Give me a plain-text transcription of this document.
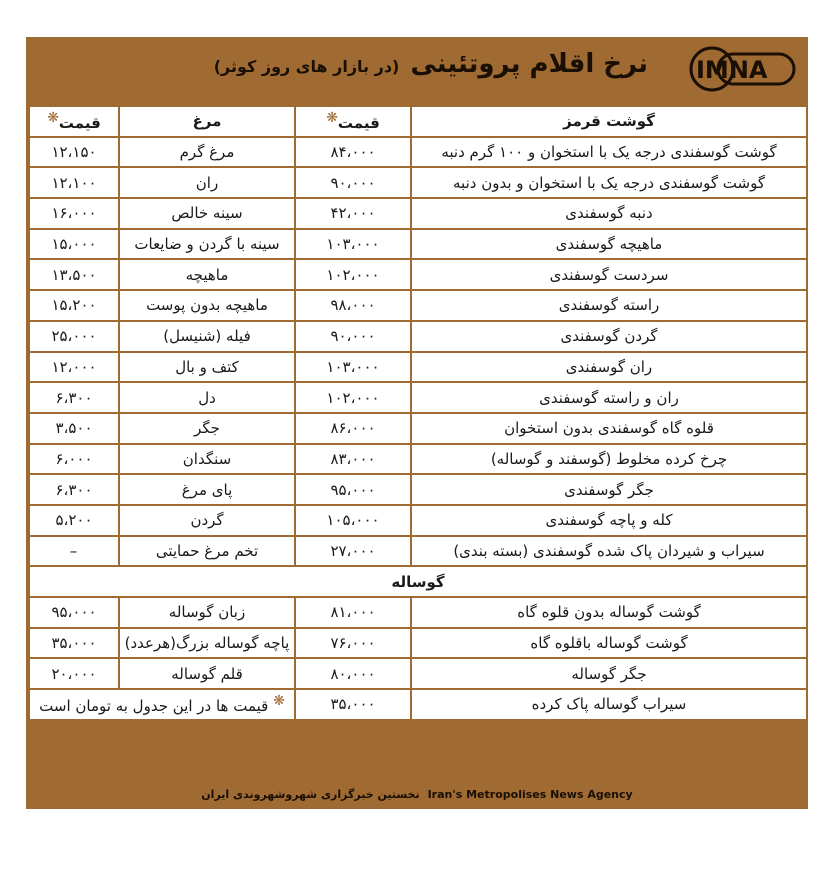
نرخ اقلام پروتئینی (در بازار های روز کوثر)	IMNA
گوشت قرمز	قیمت❋	مرغ	قیمت❋
گوشت گوسفندی درجه یک با استخوان و ۱۰۰ گرم دنبه	۸۴،۰۰۰	مرغ گرم	۱۲،۱۵۰
گوشت گوسفندی درجه یک با استخوان و بدون دنبه	۹۰،۰۰۰	ران	۱۲،۱۰۰
دنبه گوسفندی	۴۲،۰۰۰	سینه خالص	۱۶،۰۰۰
ماهیچه گوسفندی	۱۰۳،۰۰۰	سینه با گردن و ضایعات	۱۵،۰۰۰
سردست گوسفندی	۱۰۲،۰۰۰	ماهیچه	۱۳،۵۰۰
راسته گوسفندی	۹۸،۰۰۰	ماهیچه بدون پوست	۱۵،۲۰۰
گردن گوسفندی	۹۰،۰۰۰	فیله (شنیسل)	۲۵،۰۰۰
ران گوسفندی	۱۰۳،۰۰۰	کتف و بال	۱۲،۰۰۰
ران و راسته گوسفندی	۱۰۲،۰۰۰	دل	۶،۳۰۰
قلوه گاه گوسفندی بدون استخوان	۸۶،۰۰۰	جگر	۳،۵۰۰
چرخ کرده مخلوط (گوسفند و گوساله)	۸۳،۰۰۰	سنگدان	۶،۰۰۰
جگر گوسفندی	۹۵،۰۰۰	پای مرغ	۶،۳۰۰
کله و پاچه گوسفندی	۱۰۵،۰۰۰	گردن	۵،۲۰۰
سیراب و شیردان پاک شده گوسفندی (بسته بندی)	۲۷،۰۰۰	تخم مرغ حمایتی	–
گوساله			
گوشت گوساله بدون قلوه گاه	۸۱،۰۰۰	زبان گوساله	۹۵،۰۰۰
گوشت گوساله باقلوه گاه	۷۶،۰۰۰	پاچه گوساله بزرگ(هرعدد)	۳۵،۰۰۰
جگر گوساله	۸۰،۰۰۰	قلم گوساله	۲۰،۰۰۰
سیراب گوساله پاک کرده	۳۵،۰۰۰	❋ قیمت ها در این جدول به تومان است	
نخستین خبرگزاری شهروشهروندی ایران Iran's Metropolises News Agency
